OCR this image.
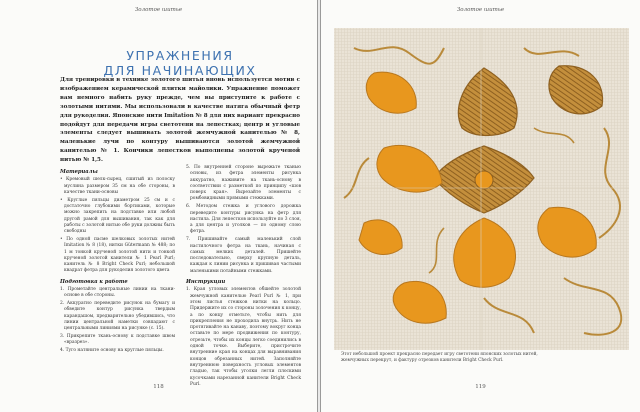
Золотое шитье
УПРАЖНЕНИЯ
ДЛЯ НАЧИНАЮЩИХ

Для тренировки в технике золотого шитья вновь используется мотив с изображением керамической плитки майолики. Упражнение поможет вам немного набить руку прежде, чем вы приступите к работе с золотыми нитями. Мы использовали в качестве натяга обычный фетр для рукоделия. Японские нити Imitation № 8 для них вариант прекрасно подойдут для передачи игры светотени на лепестках; центр и угловые элементы следует вышивать золотой жемчужной канителью № 8, маленькие лучи по контуру вышиваются золотой жемчужной канителью № 1. Кончики лепестков выполнены золотой крученой нитью № 1,5.

Материалы
• Кремовый шелк-сырец, сшитый из полоску муслина размером 35 см на обе стороны, в качестве ткани-основы
• Круглые пяльцы диаметром 25 см и с достаточно глубокими бортиками, которые можно закрепить на подставке или любой другой рамой для вышивания, так как для работы с золотой нитью обе руки должны быть свободны
• По одной пасме шелковых золотых нитей Imitation № 8 (18), нитки Gütermann № 488; по 1 м тонкой крученой золотой нити и тонкой крученой золотой канители № 1 Pearl Purl; канитель № 8 Bright Check Purl; небольшой квадрат фетра для рукоделия золотого цвета
Подготовка к работе
1. Прометайте центральные линии на ткани-основе в обе стороны.
2. Аккуратно переведите рисунок на бумагу и обведите контур рисунка твердым карандашом, предварительно убедившись, что линии центральной наметки совпадают с центральными линиями на рисунке (с. 15).
3. Прикрепите ткань-основу к подставке швом «вразрез».
4. Туго натяните основу на круглые пяльцы.
5. По внутренней стороне вырежьте тканью основы, из фетра элементы рисунка аккуратно, наживите на ткань-основу в соответствии с разметкой по принципу «шов поверх края». Вырезайте элементы с ромбовидными прямыми стежками.
6. Методом стежка и углового дорожка переведите контуры рисунка на фетр для настила. Для лепестков используйте по 3 слоя, а для центра и уголков — по одному слою фетра.
7. Пришивайте самый маленький слой настилочного фетра на ткань, начиная с самых мелких деталей. Пришейте последовательно, сверху крупную деталь, каждая к линии рисунка и пришивая частыми маленькими потайными стежками.
Инструкции
1. Края угловых элементов обшейте золотой жемчужной канителью Pearl Purl № 1, при этом листья стежков нитки на кольцо. Придержите их со стороны золочения к концу, а по концу отметьте, чтобы нить для прикрепления не проходила внутрь. Нить не протягивайте на канаву, поэтому вокруг конца оставьте по мере продвижения по контуру, отрезьте, чтобы их концы легко соединились в одной точке. Выберите, пристрочите внутренние края на концах для выравнивания концов обрезанных нитей. Заполняйте внутреннюю поверхность угловых элементов гладью, так чтобы уголки легли плоскими кусочками нарезанной канители Bright Check Purl.
118
Золотое шитье

Этот небольшой проект прекрасно передает игру светотени японских золотых нитей, жемчужных перекрут, и фактуру отрезков канители Bright Check Purl.

119
